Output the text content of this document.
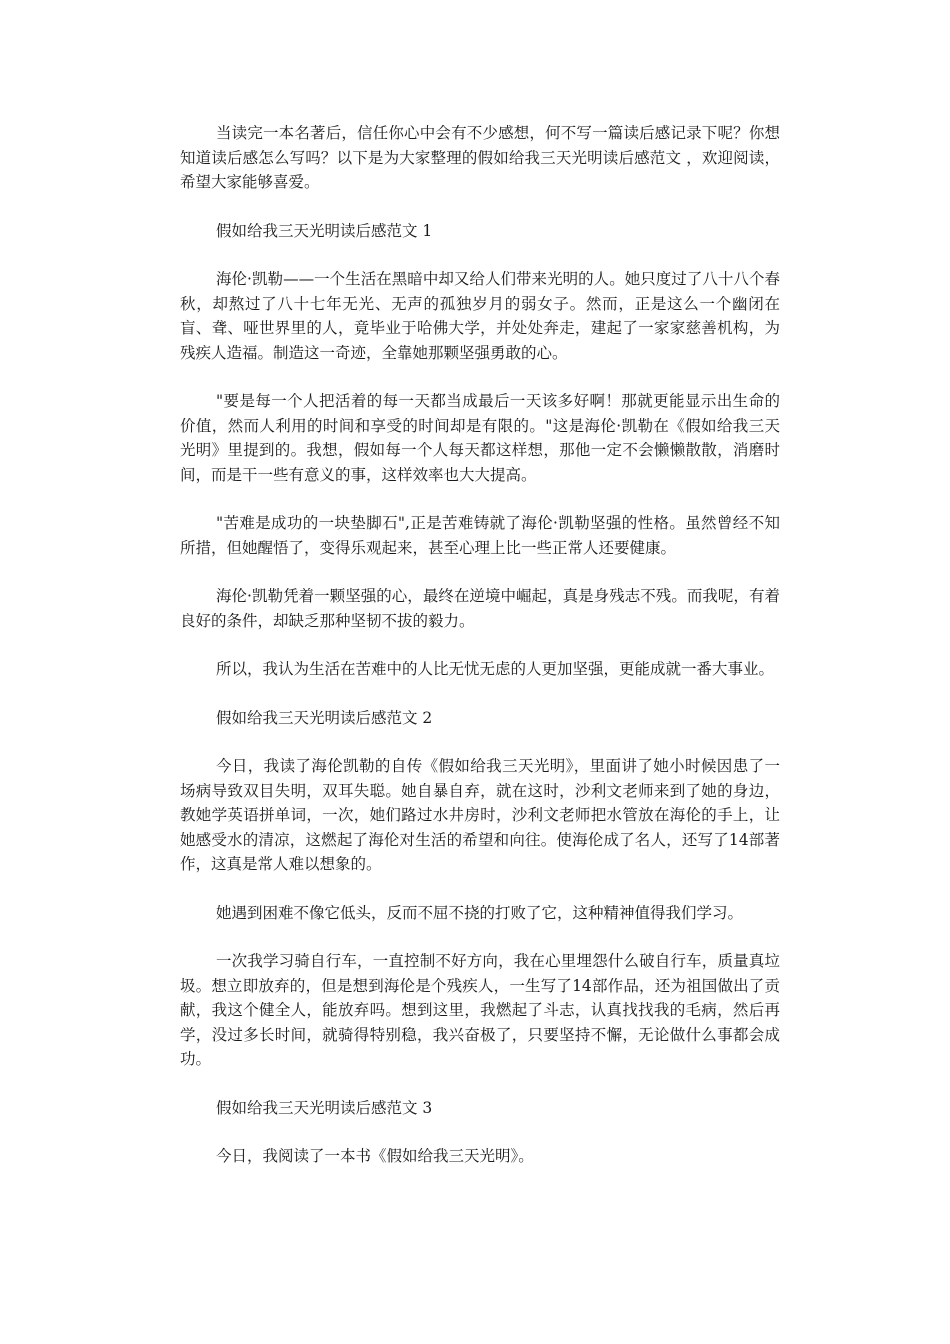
当读完一本名著后，信任你心中会有不少感想，何不写一篇读后感记录下呢？你想知道读后感怎么写吗？以下是为大家整理的假如给我三天光明读后感范文 ，欢迎阅读，希望大家能够喜爱。

假如给我三天光明读后感范文 1

海伦·凯勒——一个生活在黑暗中却又给人们带来光明的人。她只度过了八十八个春秋，却熬过了八十七年无光、无声的孤独岁月的弱女子。然而，正是这么一个幽闭在盲、聋、哑世界里的人，竟毕业于哈佛大学，并处处奔走，建起了一家家慈善机构，为残疾人造福。制造这一奇迹，全靠她那颗坚强勇敢的心。

"要是每一个人把活着的每一天都当成最后一天该多好啊！那就更能显示出生命的价值，然而人利用的时间和享受的时间却是有限的。"这是海伦·凯勒在《假如给我三天光明》里提到的。我想，假如每一个人每天都这样想，那他一定不会懒懒散散，消磨时间，而是干一些有意义的事，这样效率也大大提高。

"苦难是成功的一块垫脚石",正是苦难铸就了海伦·凯勒坚强的性格。虽然曾经不知所措，但她醒悟了，变得乐观起来，甚至心理上比一些正常人还要健康。

海伦·凯勒凭着一颗坚强的心，最终在逆境中崛起，真是身残志不残。而我呢，有着良好的条件，却缺乏那种坚韧不拔的毅力。

所以，我认为生活在苦难中的人比无忧无虑的人更加坚强，更能成就一番大事业。

假如给我三天光明读后感范文 2

今日，我读了海伦凯勒的自传《假如给我三天光明》，里面讲了她小时候因患了一场病导致双目失明，双耳失聪。她自暴自弃，就在这时，沙利文老师来到了她的身边，教她学英语拼单词，一次，她们路过水井房时，沙利文老师把水管放在海伦的手上，让她感受水的清凉，这燃起了海伦对生活的希望和向往。使海伦成了名人，还写了14部著作，这真是常人难以想象的。

她遇到困难不像它低头，反而不屈不挠的打败了它，这种精神值得我们学习。

一次我学习骑自行车，一直控制不好方向，我在心里埋怨什么破自行车，质量真垃圾。想立即放弃的，但是想到海伦是个残疾人，一生写了14部作品，还为祖国做出了贡献，我这个健全人，能放弃吗。想到这里，我燃起了斗志，认真找找我的毛病，然后再学，没过多长时间，就骑得特别稳，我兴奋极了，只要坚持不懈，无论做什么事都会成功。

假如给我三天光明读后感范文 3

今日，我阅读了一本书《假如给我三天光明》。
